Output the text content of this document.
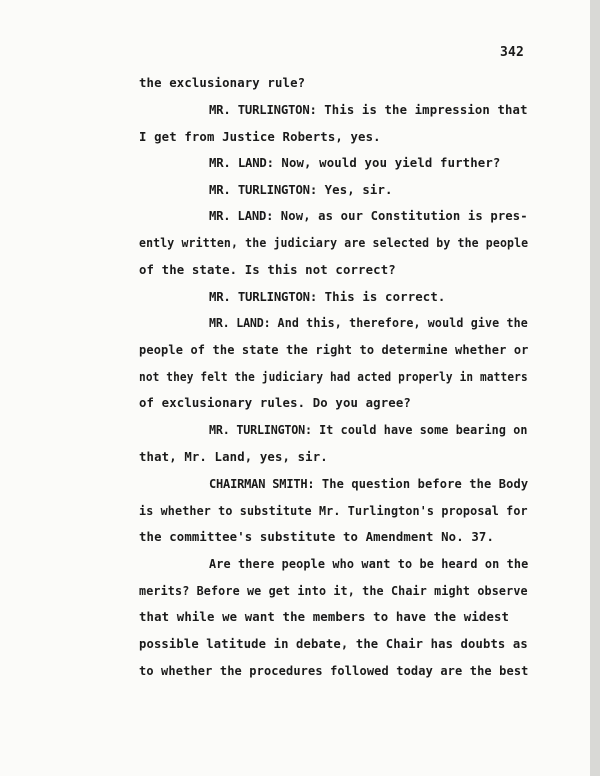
342
the exclusionary rule?
MR. TURLINGTON: This is the impression that
I get from Justice Roberts, yes.
MR. LAND: Now, would you yield further?
MR. TURLINGTON: Yes, sir.
MR. LAND: Now, as our Constitution is pres-
ently written, the judiciary are selected by the people
of the state. Is this not correct?
MR. TURLINGTON: This is correct.
MR. LAND: And this, therefore, would give the
people of the state the right to determine whether or
not they felt the judiciary had acted properly in matters
of exclusionary rules. Do you agree?
MR. TURLINGTON: It could have some bearing on
that, Mr. Land, yes, sir.
CHAIRMAN SMITH: The question before the Body
is whether to substitute Mr. Turlington's proposal for
the committee's substitute to Amendment No. 37.
Are there people who want to be heard on the
merits? Before we get into it, the Chair might observe
that while we want the members to have the widest
possible latitude in debate, the Chair has doubts as
to whether the procedures followed today are the best
